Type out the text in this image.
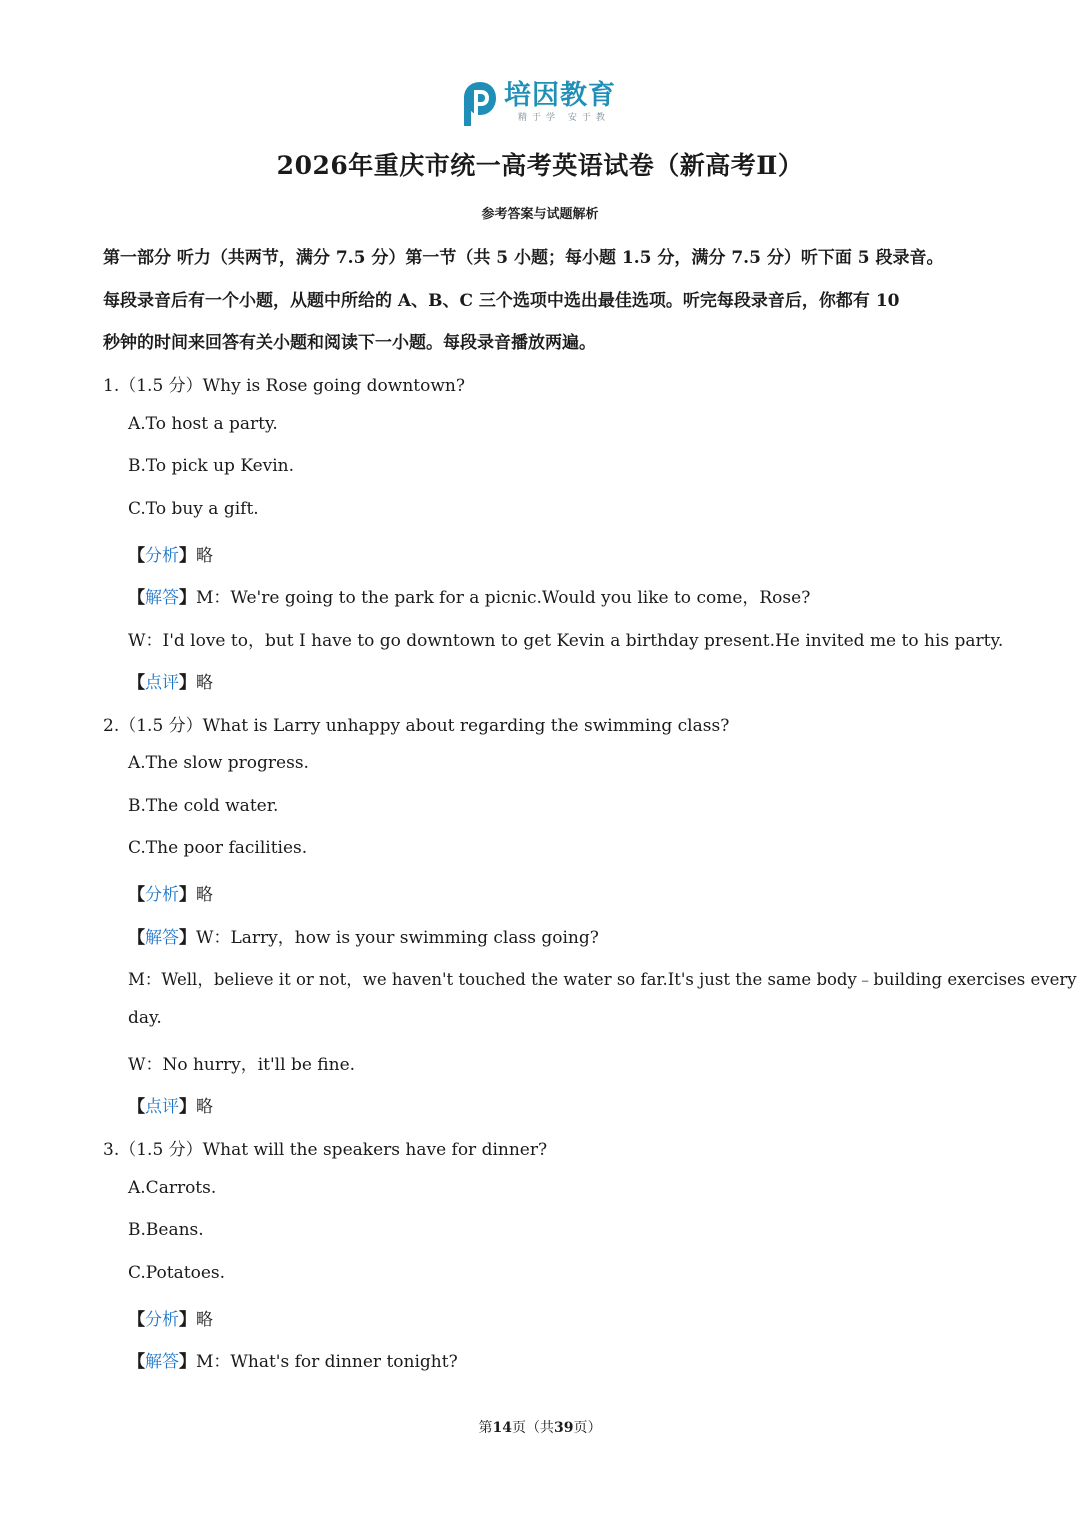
培因教育
精于学 安于教
2026年重庆市统一高考英语试卷（新高考Ⅱ）
参考答案与试题解析
第一部分 听力（共两节，满分 7.5 分）第一节（共 5 小题；每小题 1.5 分，满分 7.5 分）听下面 5 段录音。
每段录音后有一个小题，从题中所给的 A、B、C 三个选项中选出最佳选项。听完每段录音后，你都有 10
秒钟的时间来回答有关小题和阅读下一小题。每段录音播放两遍。
1.（1.5 分）Why is Rose going downtown?
A.To host a party.
B.To pick up Kevin.
C.To buy a gift.
【分析】略
【解答】M：We're going to the park for a picnic.Would you like to come，Rose?
W：I'd love to，but I have to go downtown to get Kevin a birthday present.He invited me to his party.
【点评】略
2.（1.5 分）What is Larry unhappy about regarding the swimming class?
A.The slow progress.
B.The cold water.
C.The poor facilities.
【分析】略
【解答】W：Larry，how is your swimming class going?
M：Well，believe it or not，we haven't touched the water so far.It's just the same body﹣building exercises every
day.
W：No hurry，it'll be fine.
【点评】略
3.（1.5 分）What will the speakers have for dinner?
A.Carrots.
B.Beans.
C.Potatoes.
【分析】略
【解答】M：What's for dinner tonight?
第14页（共39页）
